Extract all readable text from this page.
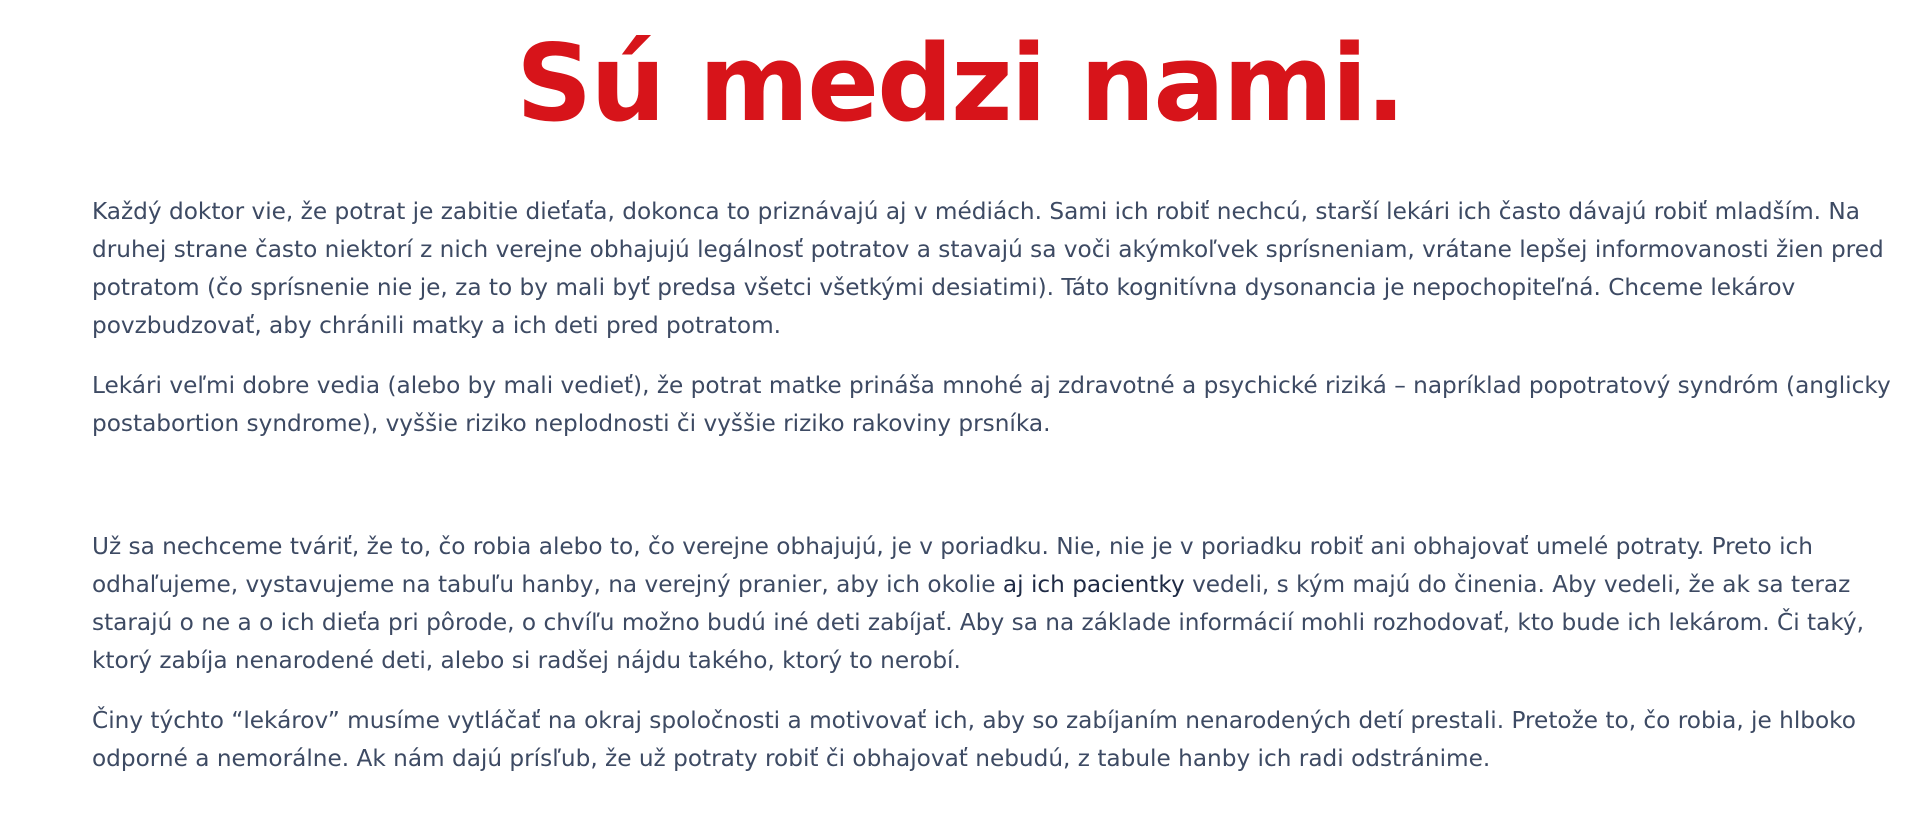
Sú medzi nami.

Každý doktor vie, že potrat je zabitie dieťaťa, dokonca to priznávajú aj v médiách. Sami ich robiť nechcú, starší lekári ich často dávajú robiť mladším. Na druhej strane často niektorí z nich verejne obhajujú legálnosť potratov a stavajú sa voči akýmkoľvek sprísneniam, vrátane lepšej informovanosti žien pred potratom (čo sprísnenie nie je, za to by mali byť predsa všetci všetkými desiatimi). Táto kognitívna dysonancia je nepochopiteľná. Chceme lekárov povzbudzovať, aby chránili matky a ich deti pred potratom.

Lekári veľmi dobre vedia (alebo by mali vedieť), že potrat matke prináša mnohé aj zdravotné a psychické riziká – napríklad popotratový syndróm (anglicky postabortion syndrome), vyššie riziko neplodnosti či vyššie riziko rakoviny prsníka.

Už sa nechceme tváriť, že to, čo robia alebo to, čo verejne obhajujú, je v poriadku. Nie, nie je v poriadku robiť ani obhajovať umelé potraty. Preto ich odhaľujeme, vystavujeme na tabuľu hanby, na verejný pranier, aby ich okolie aj ich pacientky vedeli, s kým majú do činenia. Aby vedeli, že ak sa teraz starajú o ne a o ich dieťa pri pôrode, o chvíľu možno budú iné deti zabíjať. Aby sa na základe informácií mohli rozhodovať, kto bude ich lekárom. Či taký, ktorý zabíja nenarodené deti, alebo si radšej nájdu takého, ktorý to nerobí.

Činy týchto “lekárov” musíme vytláčať na okraj spoločnosti a motivovať ich, aby so zabíjaním nenarodených detí prestali. Pretože to, čo robia, je hlboko odporné a nemorálne. Ak nám dajú prísľub, že už potraty robiť či obhajovať nebudú, z tabule hanby ich radi odstránime.
